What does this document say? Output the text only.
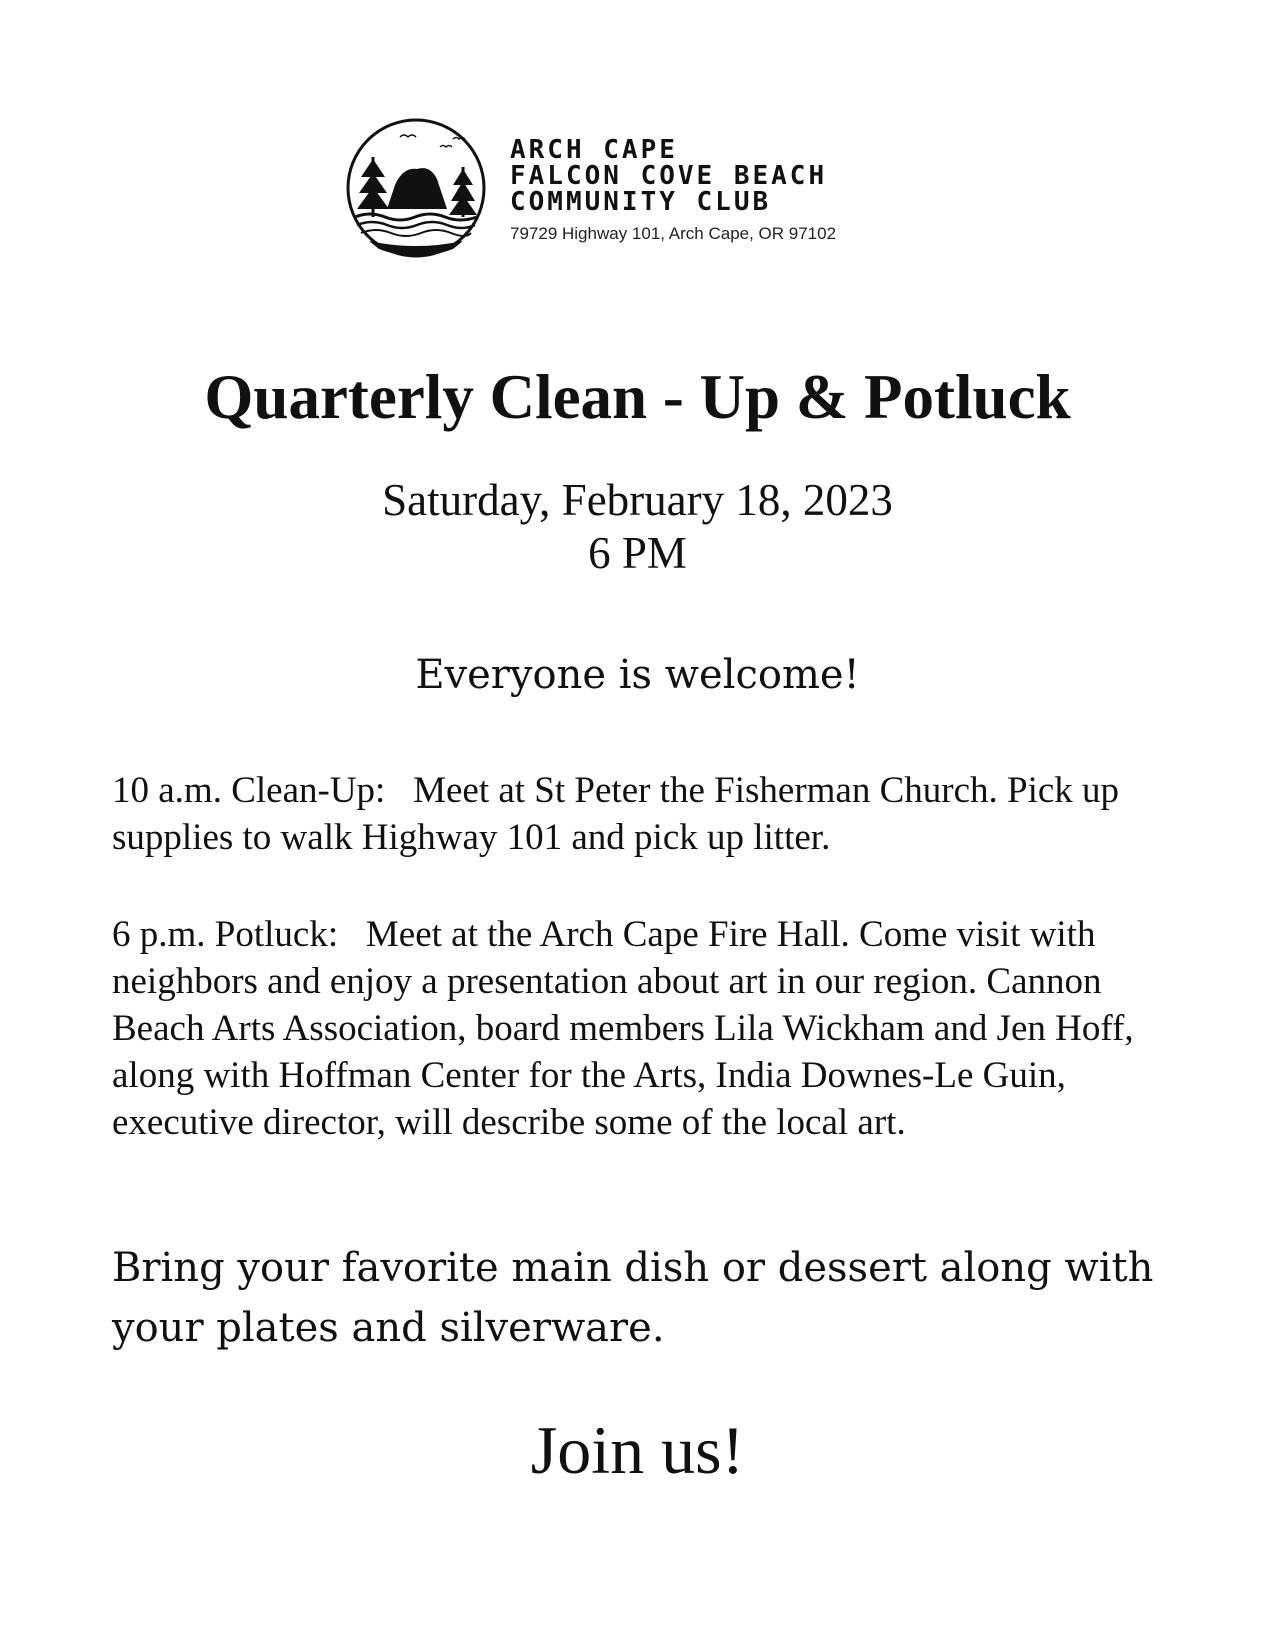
ARCH CAPE
FALCON COVE BEACH
COMMUNITY CLUB
79729 Highway 101, Arch Cape, OR 97102
Quarterly Clean - Up & Potluck
Saturday, February 18, 2023
6 PM
Everyone is welcome!
10 a.m. Clean-Up: Meet at St Peter the Fisherman Church. Pick up supplies to walk Highway 101 and pick up litter.
6 p.m. Potluck: Meet at the Arch Cape Fire Hall. Come visit with neighbors and enjoy a presentation about art in our region. Cannon Beach Arts Association, board members Lila Wickham and Jen Hoff, along with Hoffman Center for the Arts, India Downes-Le Guin, executive director, will describe some of the local art.
Bring your favorite main dish or dessert along with your plates and silverware.
Join us!
